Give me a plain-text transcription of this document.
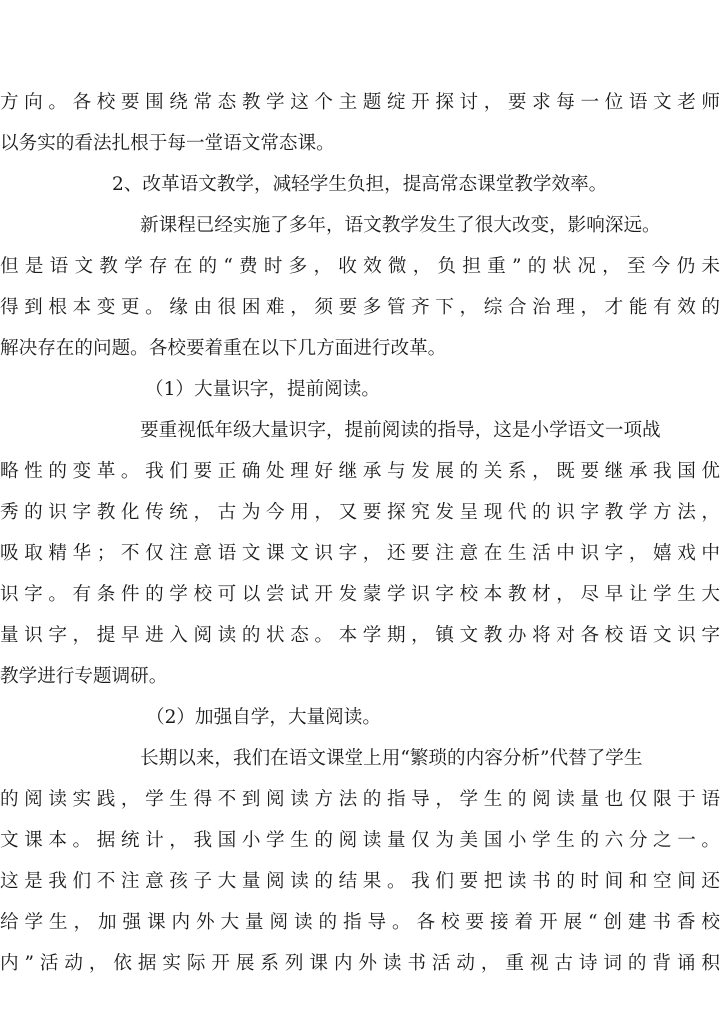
方向。各校要围绕常态教学这个主题绽开探讨，要求每一位语文老师

以务实的看法扎根于每一堂语文常态课。

2、改革语文教学，减轻学生负担，提高常态课堂教学效率。

新课程已经实施了多年，语文教学发生了很大改变，影响深远。

但是语文教学存在的“费时多，收效微，负担重”的状况，至今仍未

得到根本变更。缘由很困难，须要多管齐下，综合治理，才能有效的

解决存在的问题。各校要着重在以下几方面进行改革。

（1）大量识字，提前阅读。

要重视低年级大量识字，提前阅读的指导，这是小学语文一项战

略性的变革。我们要正确处理好继承与发展的关系，既要继承我国优

秀的识字教化传统，古为今用，又要探究发呈现代的识字教学方法，

吸取精华；不仅注意语文课文识字，还要注意在生活中识字，嬉戏中

识字。有条件的学校可以尝试开发蒙学识字校本教材，尽早让学生大

量识字，提早进入阅读的状态。本学期，镇文教办将对各校语文识字

教学进行专题调研。

（2）加强自学，大量阅读。

长期以来，我们在语文课堂上用“繁琐的内容分析”代替了学生

的阅读实践，学生得不到阅读方法的指导，学生的阅读量也仅限于语

文课本。据统计，我国小学生的阅读量仅为美国小学生的六分之一。

这是我们不注意孩子大量阅读的结果。我们要把读书的时间和空间还

给学生，加强课内外大量阅读的指导。各校要接着开展“创建书香校

内”活动，依据实际开展系列课内外读书活动，重视古诗词的背诵积
